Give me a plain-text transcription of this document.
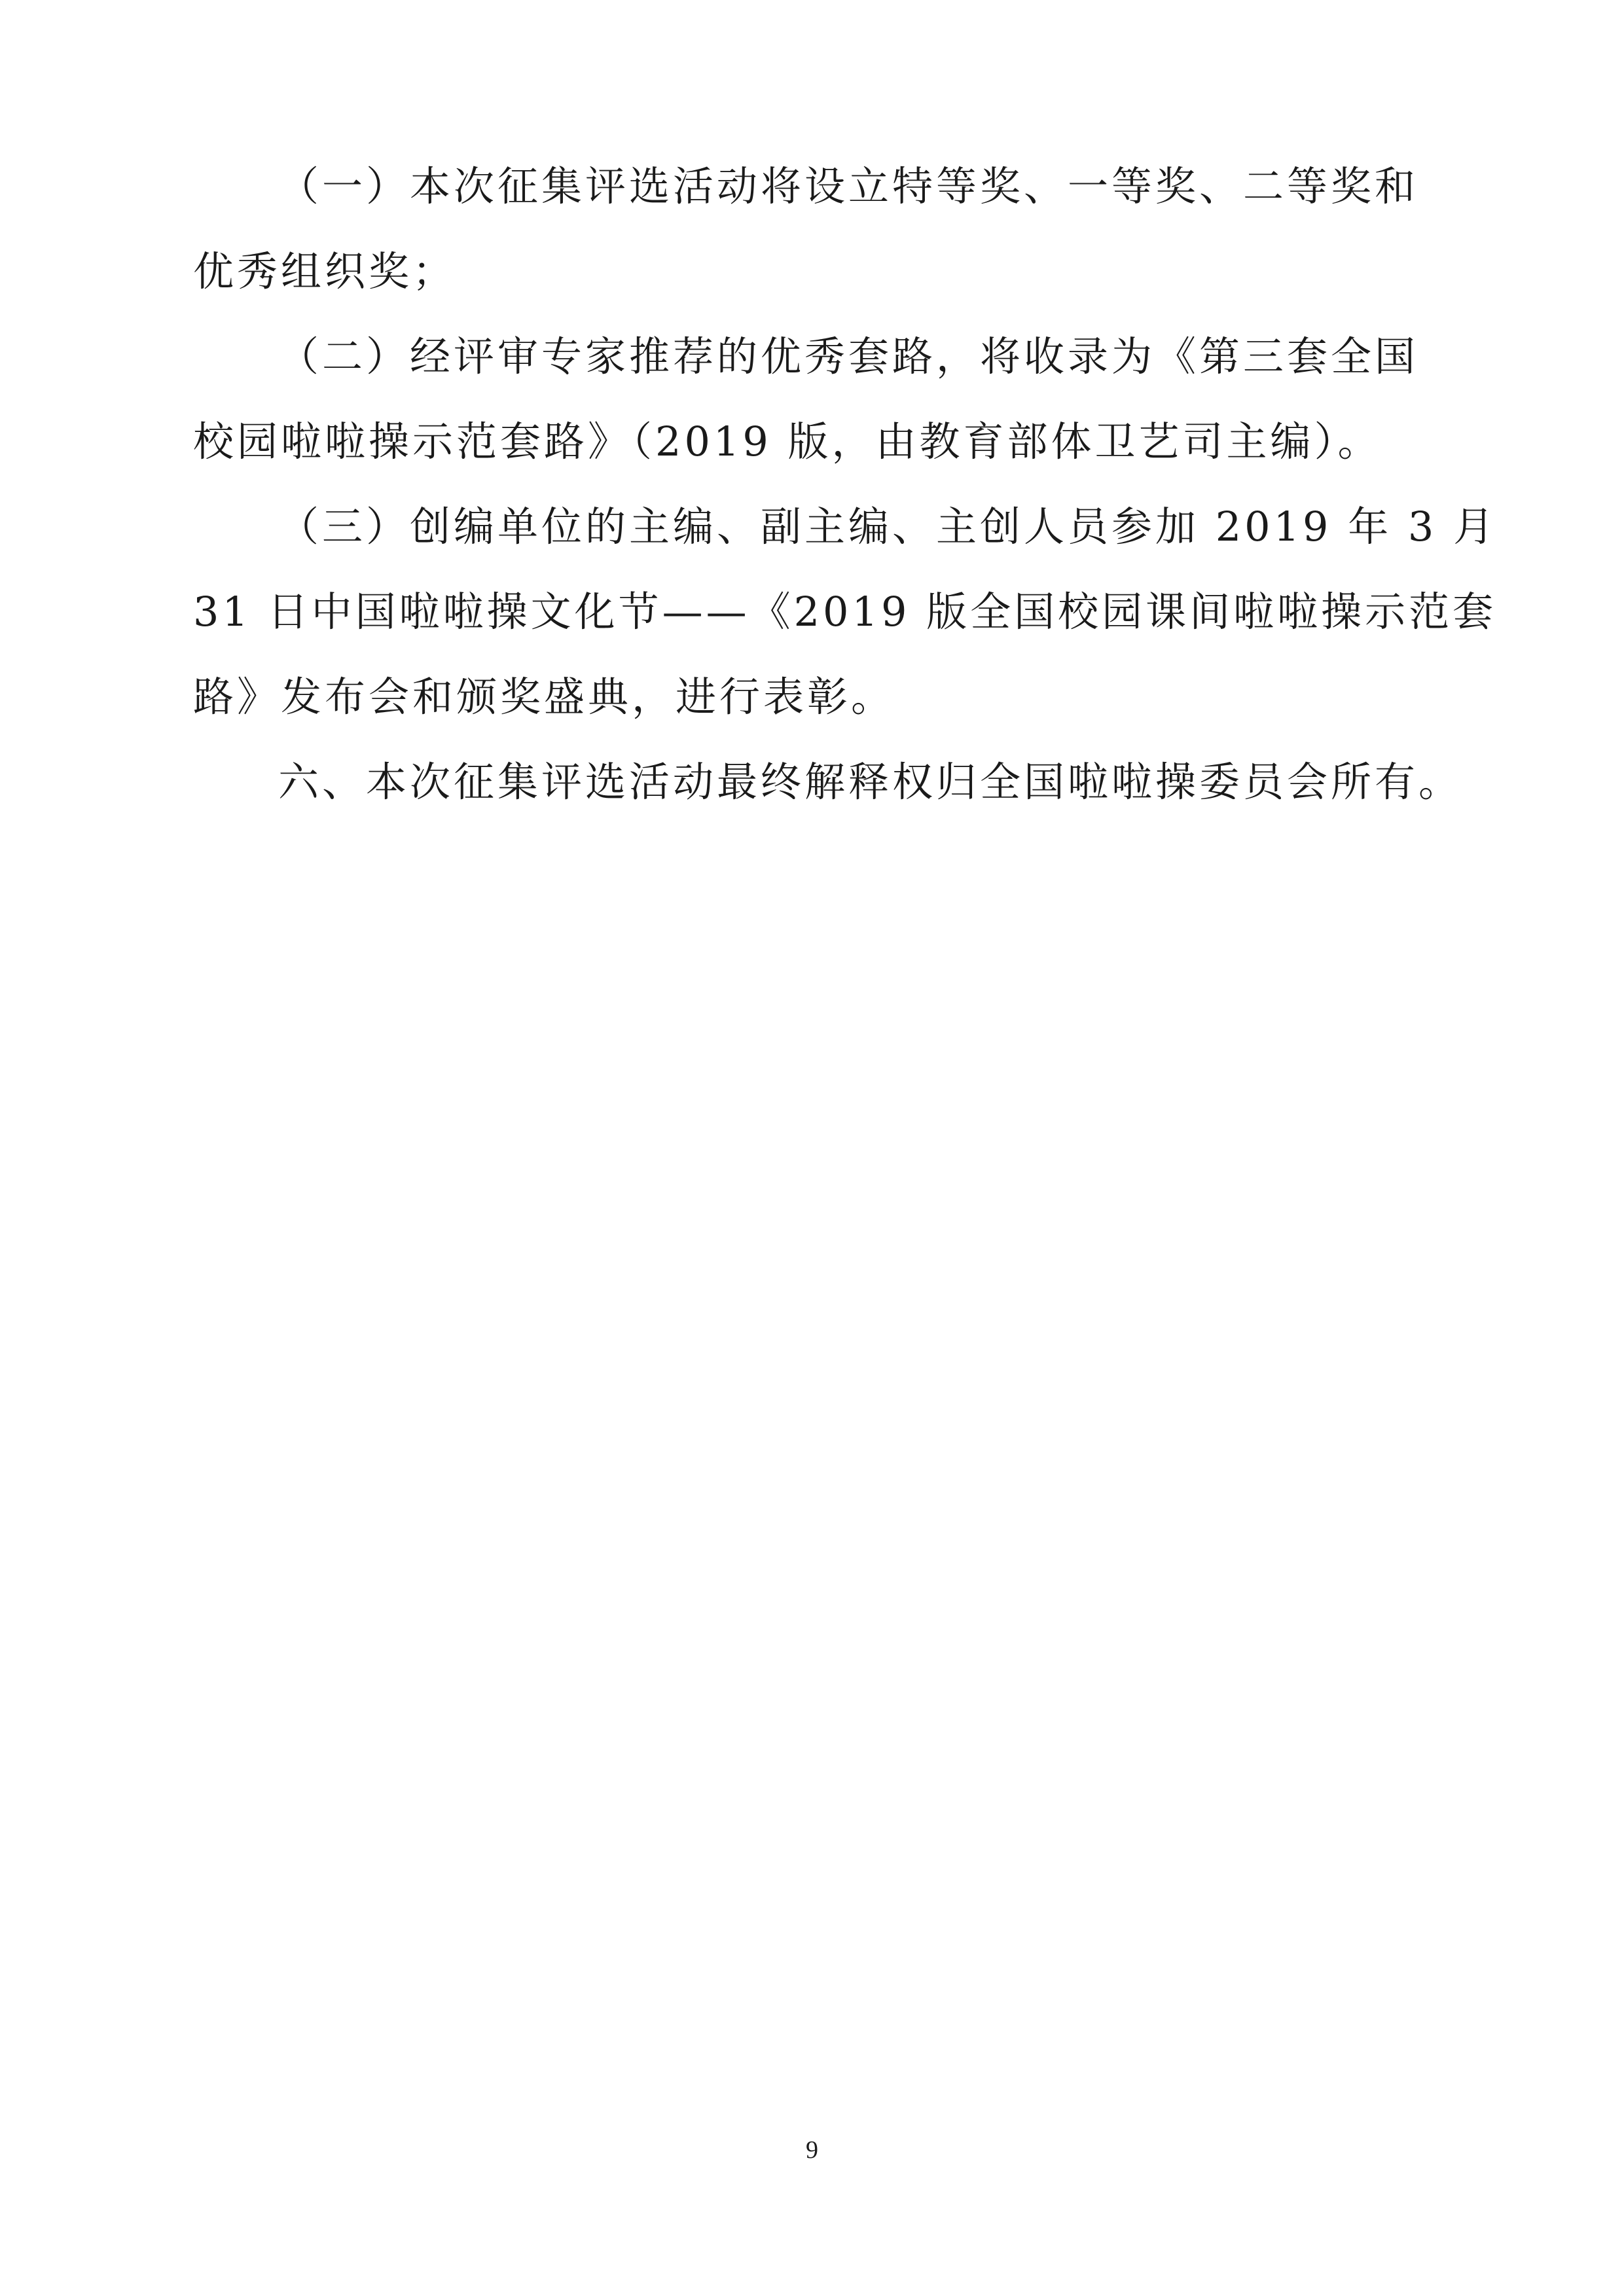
（一）本次征集评选活动将设立特等奖、一等奖、二等奖和
优秀组织奖；
（二）经评审专家推荐的优秀套路，将收录为《第三套全国
校园啦啦操示范套路》（2019 版，由教育部体卫艺司主编）。
（三）创编单位的主编、副主编、主创人员参加 2019 年 3 月
31 日中国啦啦操文化节——《2019 版全国校园课间啦啦操示范套
路》发布会和颁奖盛典，进行表彰。
六、本次征集评选活动最终解释权归全国啦啦操委员会所有。
9
